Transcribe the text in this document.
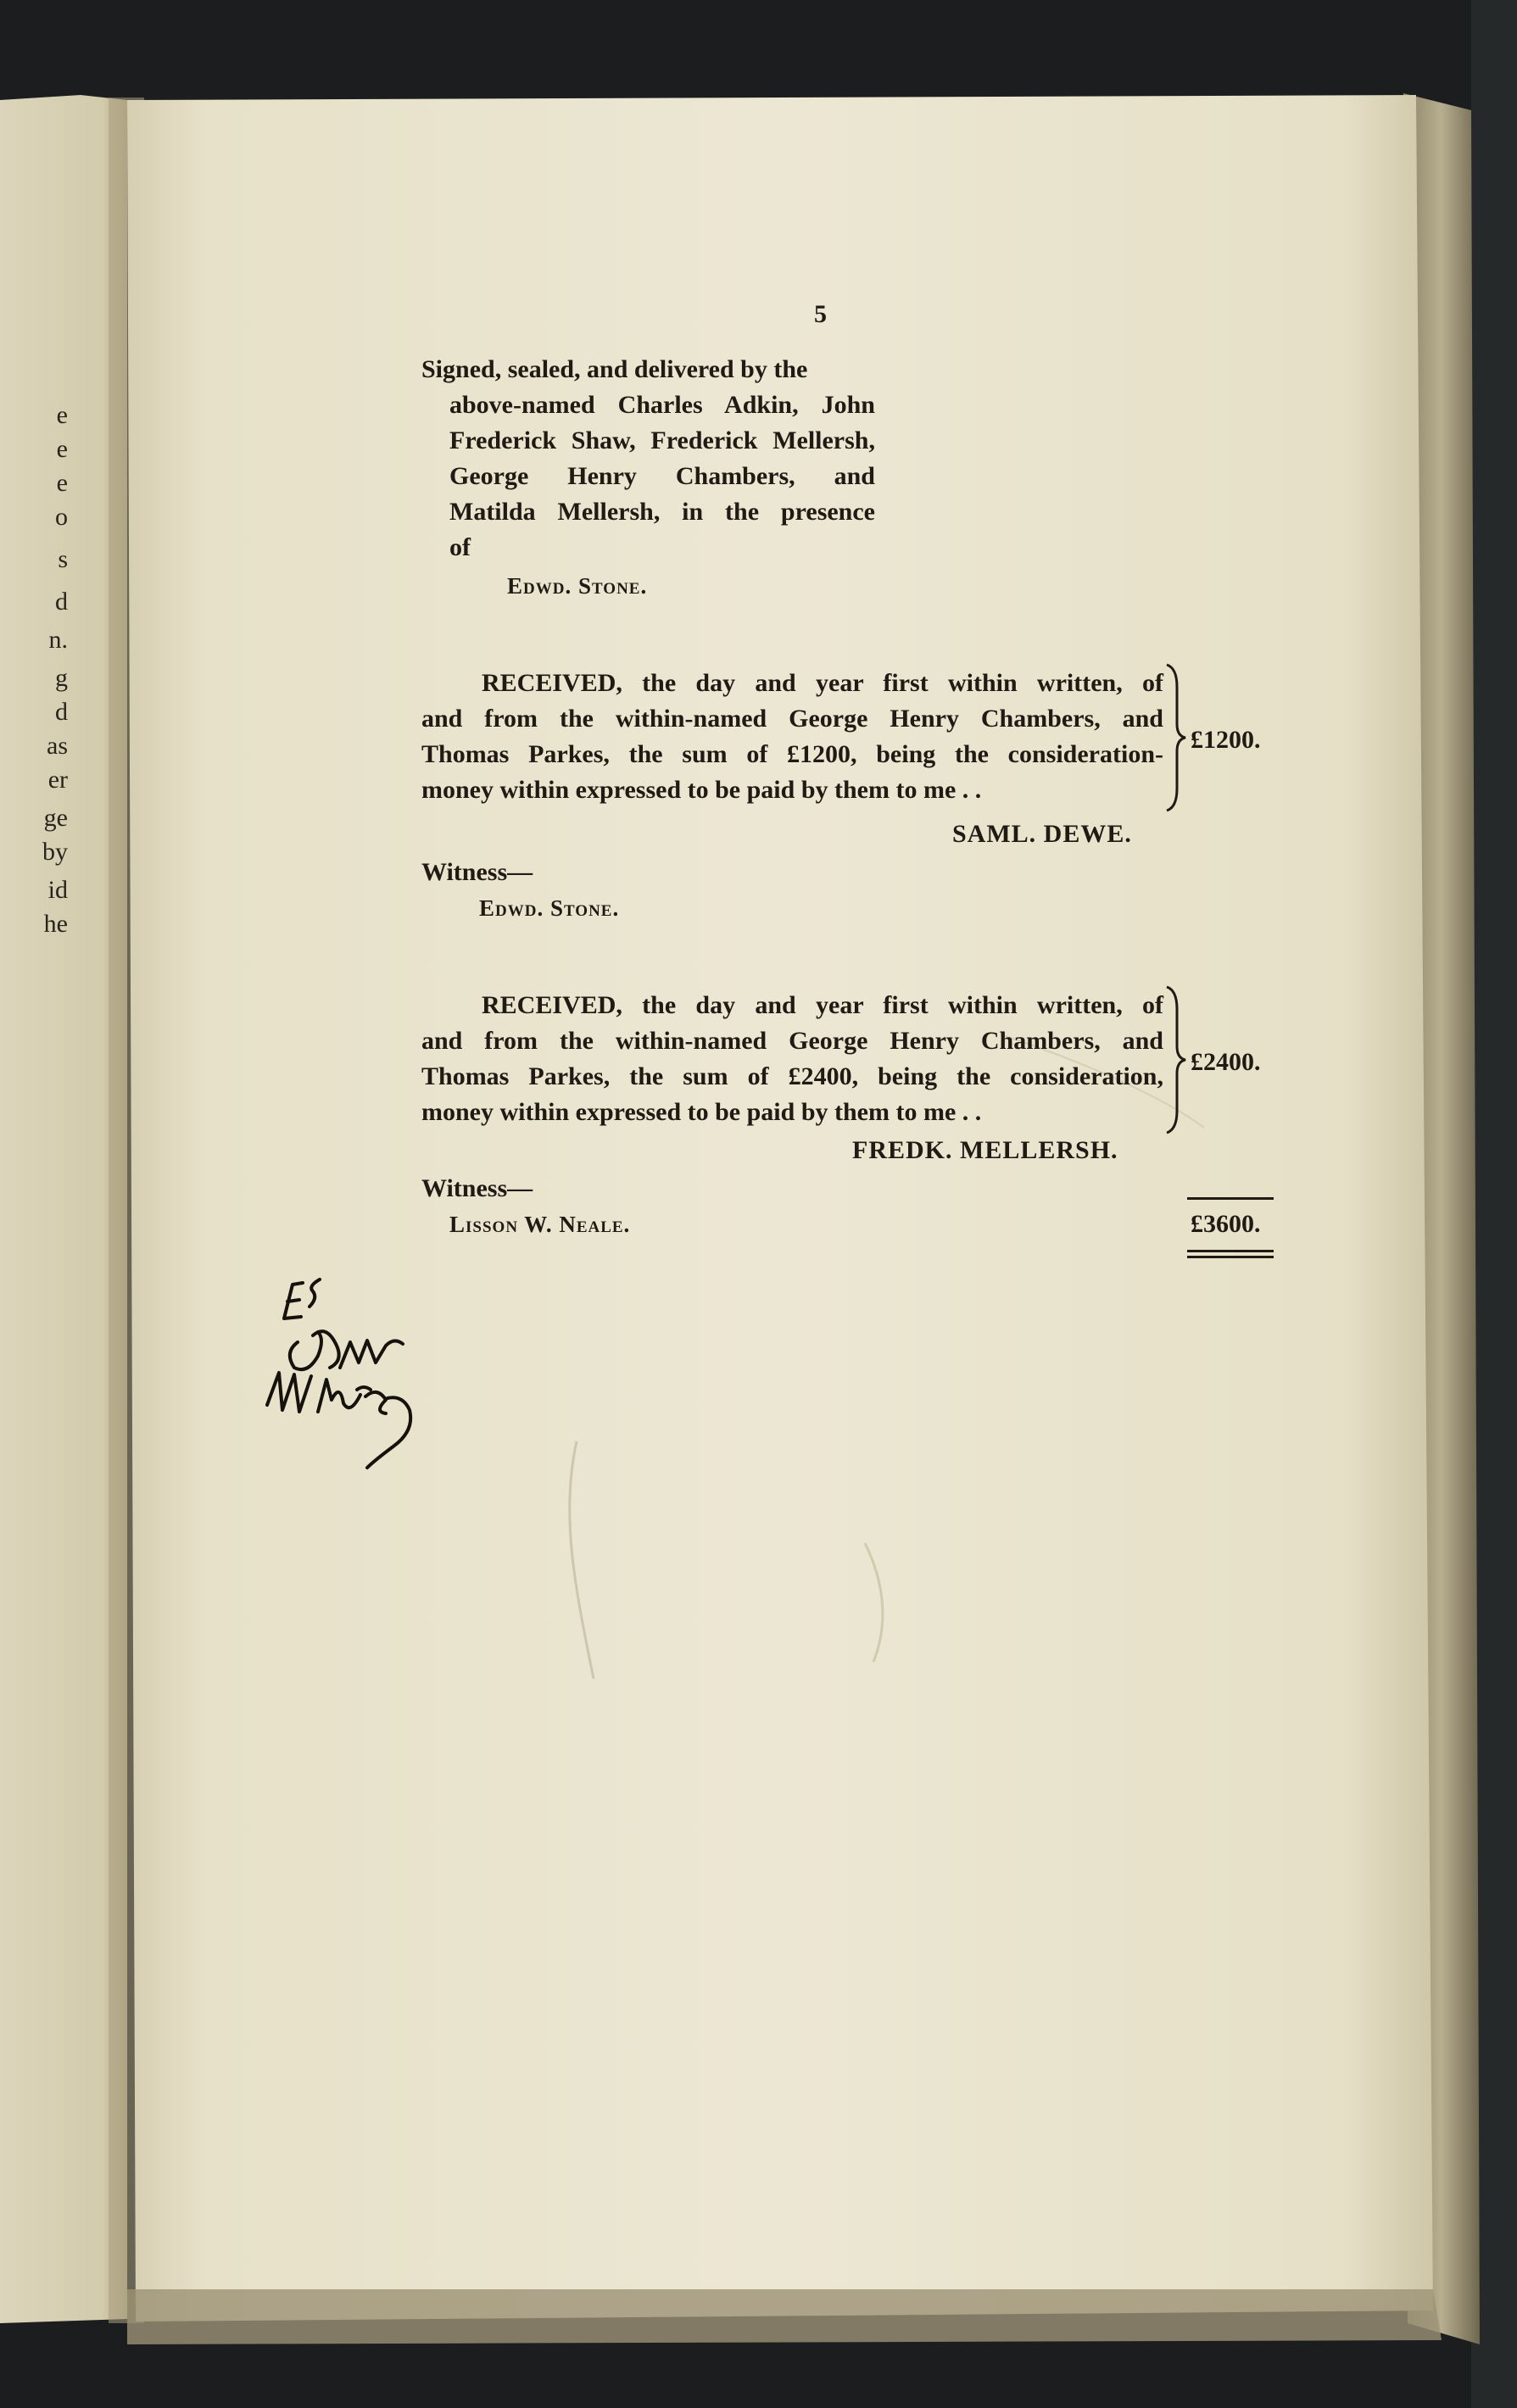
e
e
e
o
s
d
n.
g
d
as
er
ge
by
id
he
5
Signed, sealed, and delivered by the
above-named Charles Adkin, John
Frederick Shaw, Frederick Mellersh,
George Henry Chambers, and
Matilda Mellersh, in the presence
of
Edwd. Stone.
RECEIVED, the day and year first within written, of
and from the within-named George Henry Chambers, and
Thomas Parkes, the sum of £1200, being the consideration-
money within expressed to be paid by them to me . .
£1200.
SAML. DEWE.
Witness—
Edwd. Stone.
RECEIVED, the day and year first within written, of
and from the within-named George Henry Chambers, and
Thomas Parkes, the sum of £2400, being the consideration,
money within expressed to be paid by them to me . .
£2400.
FREDK. MELLERSH.
Witness—
Lisson W. Neale.	£3600.
